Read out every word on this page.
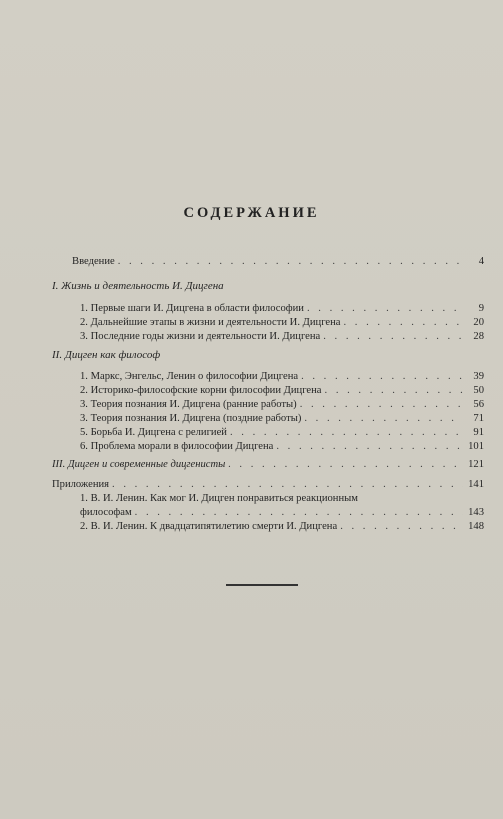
СОДЕРЖАНИЕ
Введение . . .	4
I. Жизнь и деятельность И. Дицгена
1. Первые шаги И. Дицгена в области философии . . .	9
2. Дальнейшие этапы в жизни и деятельности И. Дицгена . . .	20
3. Последние годы жизни и деятельности И. Дицгена . . .	28
II. Дицген как философ
1. Маркс, Энгельс, Ленин о философии Дицгена . . .	39
2. Историко-философские корни философии Дицгена . . .	50
3. Теория познания И. Дицгена (ранние работы) . . .	56
3. Теория познания И. Дицгена (поздние работы) . . .	71
5. Борьба И. Дицгена с религией . . .	91
6. Проблема морали в философии Дицгена . . .	101
III. Дицген и современные дицгенисты . . .	121
Приложения . . .	141
1. В. И. Ленин. Как мог И. Дицген понравиться реакционным
философам . . .	143
2. В. И. Ленин. К двадцатипятилетию смерти И. Дицгена . . .	148
